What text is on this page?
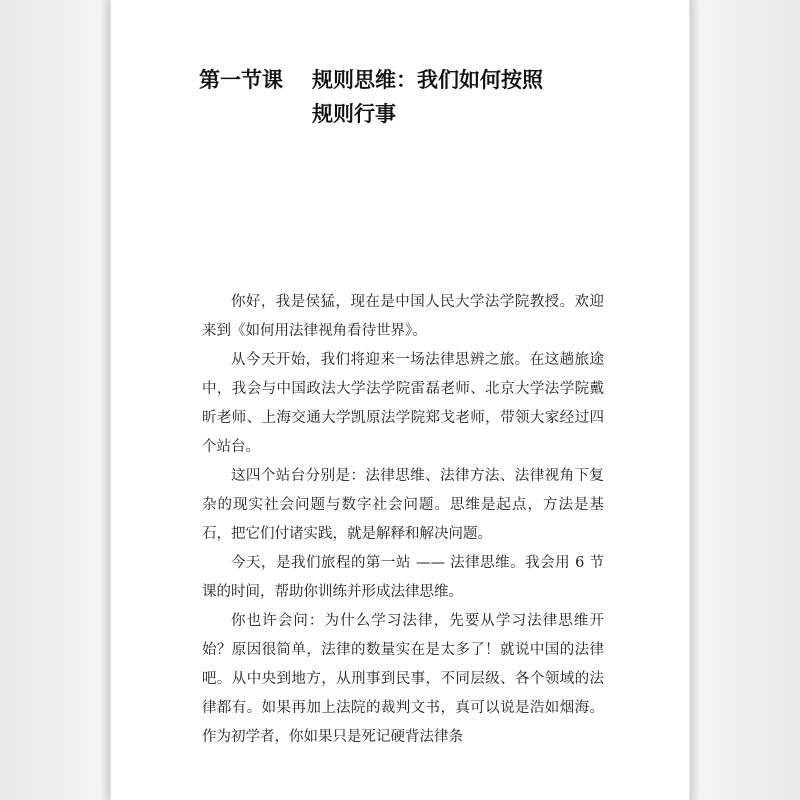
第一节课 规则思维：我们如何按照
规则行事

你好，我是侯猛，现在是中国人民大学法学院教授。欢迎来到《如何用法律视角看待世界》。

从今天开始，我们将迎来一场法律思辨之旅。在这趟旅途中，我会与中国政法大学法学院雷磊老师、北京大学法学院戴昕老师、上海交通大学凯原法学院郑戈老师，带领大家经过四个站台。

这四个站台分别是：法律思维、法律方法、法律视角下复杂的现实社会问题与数字社会问题。思维是起点，方法是基石，把它们付诸实践，就是解释和解决问题。

今天，是我们旅程的第一站 —— 法律思维。我会用 6 节课的时间，帮助你训练并形成法律思维。

你也许会问：为什么学习法律，先要从学习法律思维开始？原因很简单，法律的数量实在是太多了！就说中国的法律吧。从中央到地方，从刑事到民事，不同层级、各个领域的法律都有。如果再加上法院的裁判文书，真可以说是浩如烟海。作为初学者，你如果只是死记硬背法律条
